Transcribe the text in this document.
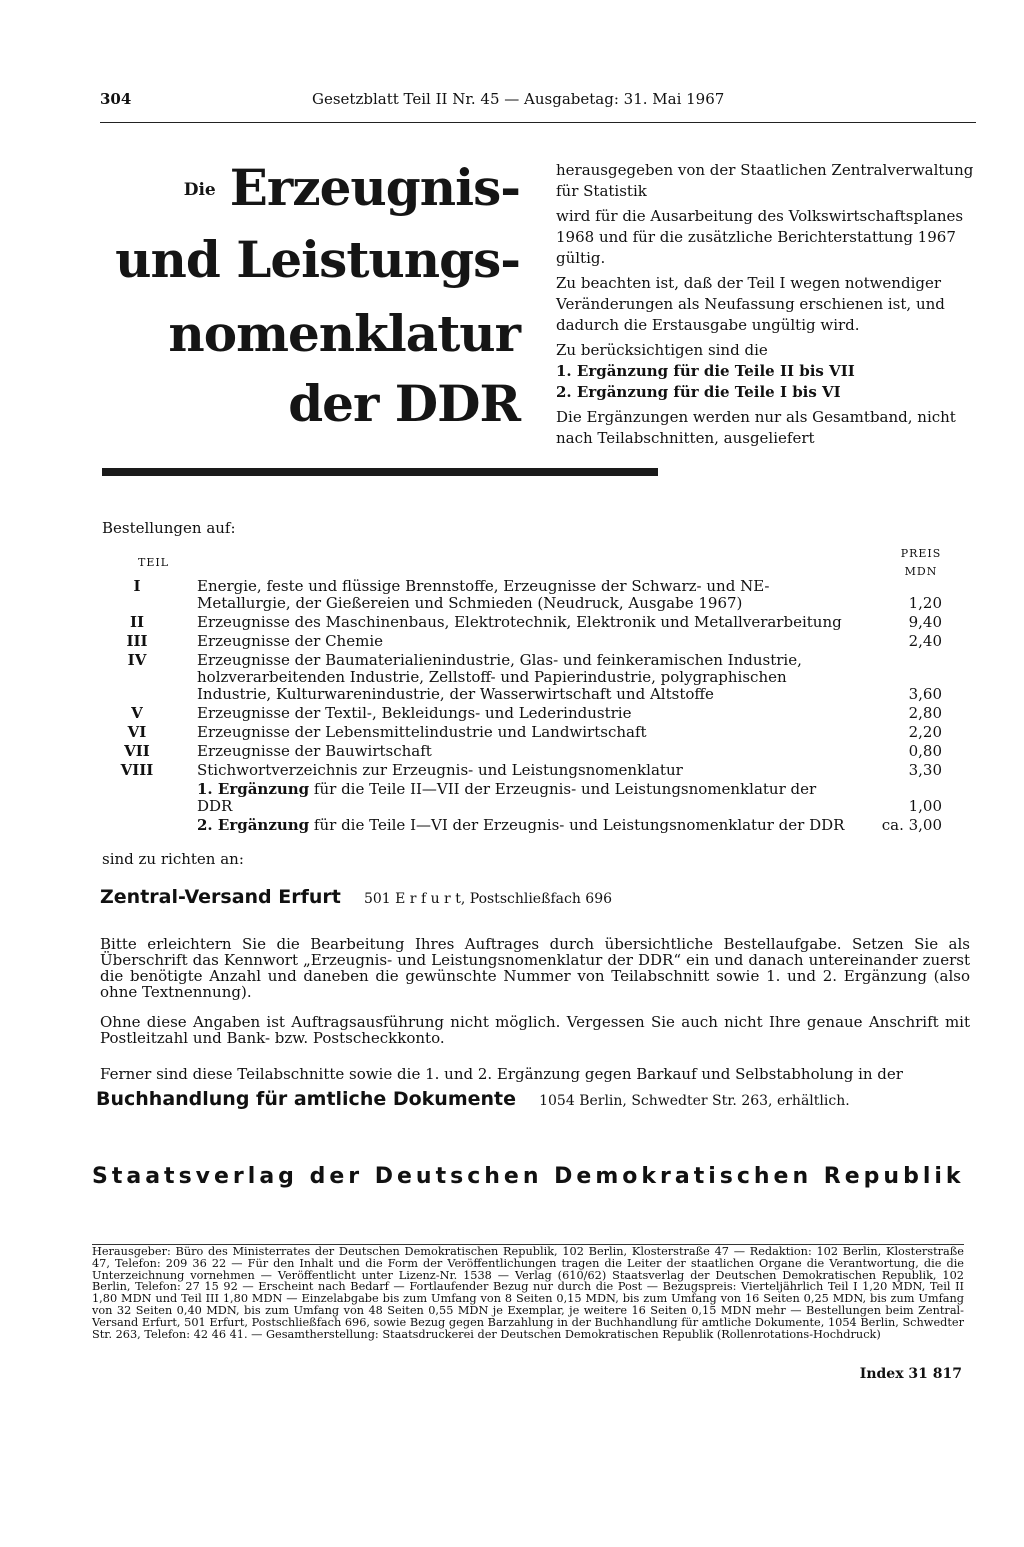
304	Gesetzblatt Teil II Nr. 45 — Ausgabetag: 31. Mai 1967
$^{Die}$ Erzeugnis-
und Leistungs-
nomenklatur
der DDR

herausgegeben von der Staatlichen Zentralverwaltung für Statistik

wird für die Ausarbeitung des Volkswirtschaftsplanes 1968 und für die zusätzliche Berichterstattung 1967 gültig.

Zu beachten ist, daß der Teil I wegen notwendiger Veränderungen als Neufassung erschienen ist, und dadurch die Erstausgabe ungültig wird.

Zu berücksichtigen sind die

1. Ergänzung für die Teile II bis VII

2. Ergänzung für die Teile I bis VI

Die Ergänzungen werden nur als Gesamtband, nicht nach Teilabschnitten, ausgeliefert

Bestellungen auf:
TEIL
PREIS
MDN
I	Energie, feste und flüssige Brennstoffe, Erzeugnisse der Schwarz- und NE-Metallurgie, der Gießereien und Schmieden (Neudruck, Ausgabe 1967)	1,20
II	Erzeugnisse des Maschinenbaus, Elektrotechnik, Elektronik und Metallverarbeitung	9,40
III	Erzeugnisse der Chemie	2,40
IV	Erzeugnisse der Baumaterialienindustrie, Glas- und feinkeramischen Industrie, holzverarbeitenden Industrie, Zellstoff- und Papierindustrie, polygraphischen Industrie, Kulturwarenindustrie, der Wasserwirtschaft und Altstoffe	3,60
V	Erzeugnisse der Textil-, Bekleidungs- und Lederindustrie	2,80
VI	Erzeugnisse der Lebensmittelindustrie und Landwirtschaft	2,20
VII	Erzeugnisse der Bauwirtschaft	0,80
VIII	Stichwortverzeichnis zur Erzeugnis- und Leistungsnomenklatur	3,30
1. Ergänzung für die Teile II—VII der Erzeugnis- und Leistungsnomenklatur der DDR	1,00
2. Ergänzung für die Teile I—VI der Erzeugnis- und Leistungsnomenklatur der DDR	ca. 3,00
sind zu richten an:
Zentral-Versand Erfurt 501 E r f u r t, Postschließfach 696
Bitte erleichtern Sie die Bearbeitung Ihres Auftrages durch übersichtliche Bestellaufgabe. Setzen Sie als Überschrift das Kennwort „Erzeugnis- und Leistungsnomenklatur der DDR“ ein und danach untereinander zuerst die benötigte Anzahl und daneben die gewünschte Nummer von Teilabschnitt sowie 1. und 2. Ergänzung (also ohne Textnennung).
Ohne diese Angaben ist Auftragsausführung nicht möglich. Vergessen Sie auch nicht Ihre genaue Anschrift mit Postleitzahl und Bank- bzw. Postscheckkonto.
Ferner sind diese Teilabschnitte sowie die 1. und 2. Ergänzung gegen Barkauf und Selbstabholung in der
Buchhandlung für amtliche Dokumente 1054 Berlin, Schwedter Str. 263, erhältlich.
Staatsverlag der Deutschen Demokratischen Republik
Herausgeber: Büro des Ministerrates der Deutschen Demokratischen Republik, 102 Berlin, Klosterstraße 47 — Redaktion: 102 Berlin, Klosterstraße 47, Telefon: 209 36 22 — Für den Inhalt und die Form der Veröffentlichungen tragen die Leiter der staatlichen Organe die Verantwortung, die die Unterzeichnung vornehmen — Veröffentlicht unter Lizenz-Nr. 1538 — Verlag (610/62) Staatsverlag der Deutschen Demokratischen Republik, 102 Berlin, Telefon: 27 15 92 — Erscheint nach Bedarf — Fortlaufender Bezug nur durch die Post — Bezugspreis: Vierteljährlich Teil I 1,20 MDN, Teil II 1,80 MDN und Teil III 1,80 MDN — Einzelabgabe bis zum Umfang von 8 Seiten 0,15 MDN, bis zum Umfang von 16 Seiten 0,25 MDN, bis zum Umfang von 32 Seiten 0,40 MDN, bis zum Umfang von 48 Seiten 0,55 MDN je Exemplar, je weitere 16 Seiten 0,15 MDN mehr — Bestellungen beim Zentral-Versand Erfurt, 501 Erfurt, Postschließfach 696, sowie Bezug gegen Barzahlung in der Buchhandlung für amtliche Dokumente, 1054 Berlin, Schwedter Str. 263, Telefon: 42 46 41. — Gesamtherstellung: Staatsdruckerei der Deutschen Demokratischen Republik (Rollenrotations-Hochdruck)
Index 31 817
